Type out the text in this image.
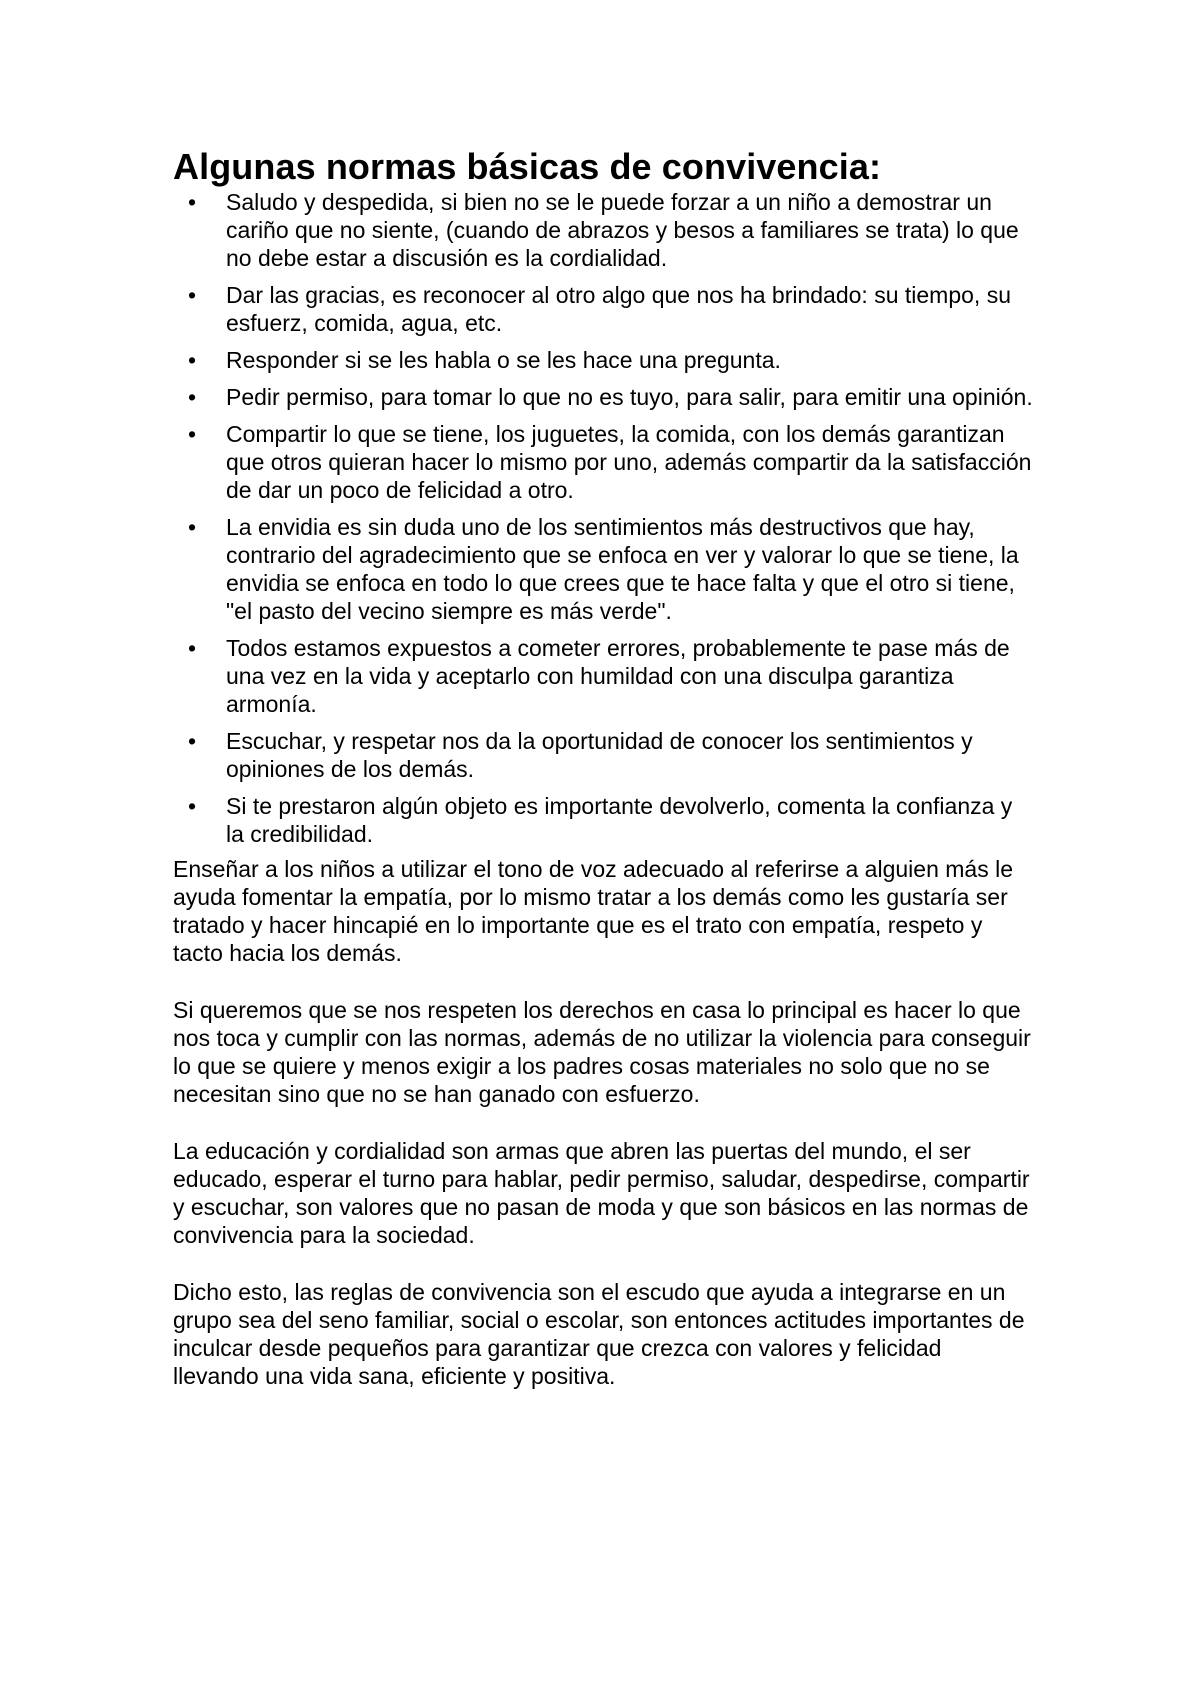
Algunas normas básicas de convivencia:
• Saludo y despedida, si bien no se le puede forzar a un niño a demostrar un cariño que no siente, (cuando de abrazos y besos a familiares se trata) lo que no debe estar a discusión es la cordialidad.
• Dar las gracias, es reconocer al otro algo que nos ha brindado: su tiempo, su esfuerz, comida, agua, etc.
• Responder si se les habla o se les hace una pregunta.
• Pedir permiso, para tomar lo que no es tuyo, para salir, para emitir una opinión.
• Compartir lo que se tiene, los juguetes, la comida, con los demás garantizan que otros quieran hacer lo mismo por uno, además compartir da la satisfacción de dar un poco de felicidad a otro.
• La envidia es sin duda uno de los sentimientos más destructivos que hay, contrario del agradecimiento que se enfoca en ver y valorar lo que se tiene, la envidia se enfoca en todo lo que crees que te hace falta y que el otro si tiene, "el pasto del vecino siempre es más verde".
• Todos estamos expuestos a cometer errores, probablemente te pase más de una vez en la vida y aceptarlo con humildad con una disculpa garantiza armonía.
• Escuchar, y respetar nos da la oportunidad de conocer los sentimientos y opiniones de los demás.
• Si te prestaron algún objeto es importante devolverlo, comenta la confianza y la credibilidad.

Enseñar a los niños a utilizar el tono de voz adecuado al referirse a alguien más le ayuda fomentar la empatía, por lo mismo tratar a los demás como les gustaría ser tratado y hacer hincapié en lo importante que es el trato con empatía, respeto y tacto hacia los demás.

Si queremos que se nos respeten los derechos en casa lo principal es hacer lo que nos toca y cumplir con las normas, además de no utilizar la violencia para conseguir lo que se quiere y menos exigir a los padres cosas materiales no solo que no se necesitan sino que no se han ganado con esfuerzo.

La educación y cordialidad son armas que abren las puertas del mundo, el ser educado, esperar el turno para hablar, pedir permiso, saludar, despedirse, compartir y escuchar, son valores que no pasan de moda y que son básicos en las normas de convivencia para la sociedad.

Dicho esto, las reglas de convivencia son el escudo que ayuda a integrarse en un grupo sea del seno familiar, social o escolar, son entonces actitudes importantes de inculcar desde pequeños para garantizar que crezca con valores y felicidad llevando una vida sana, eficiente y positiva.
